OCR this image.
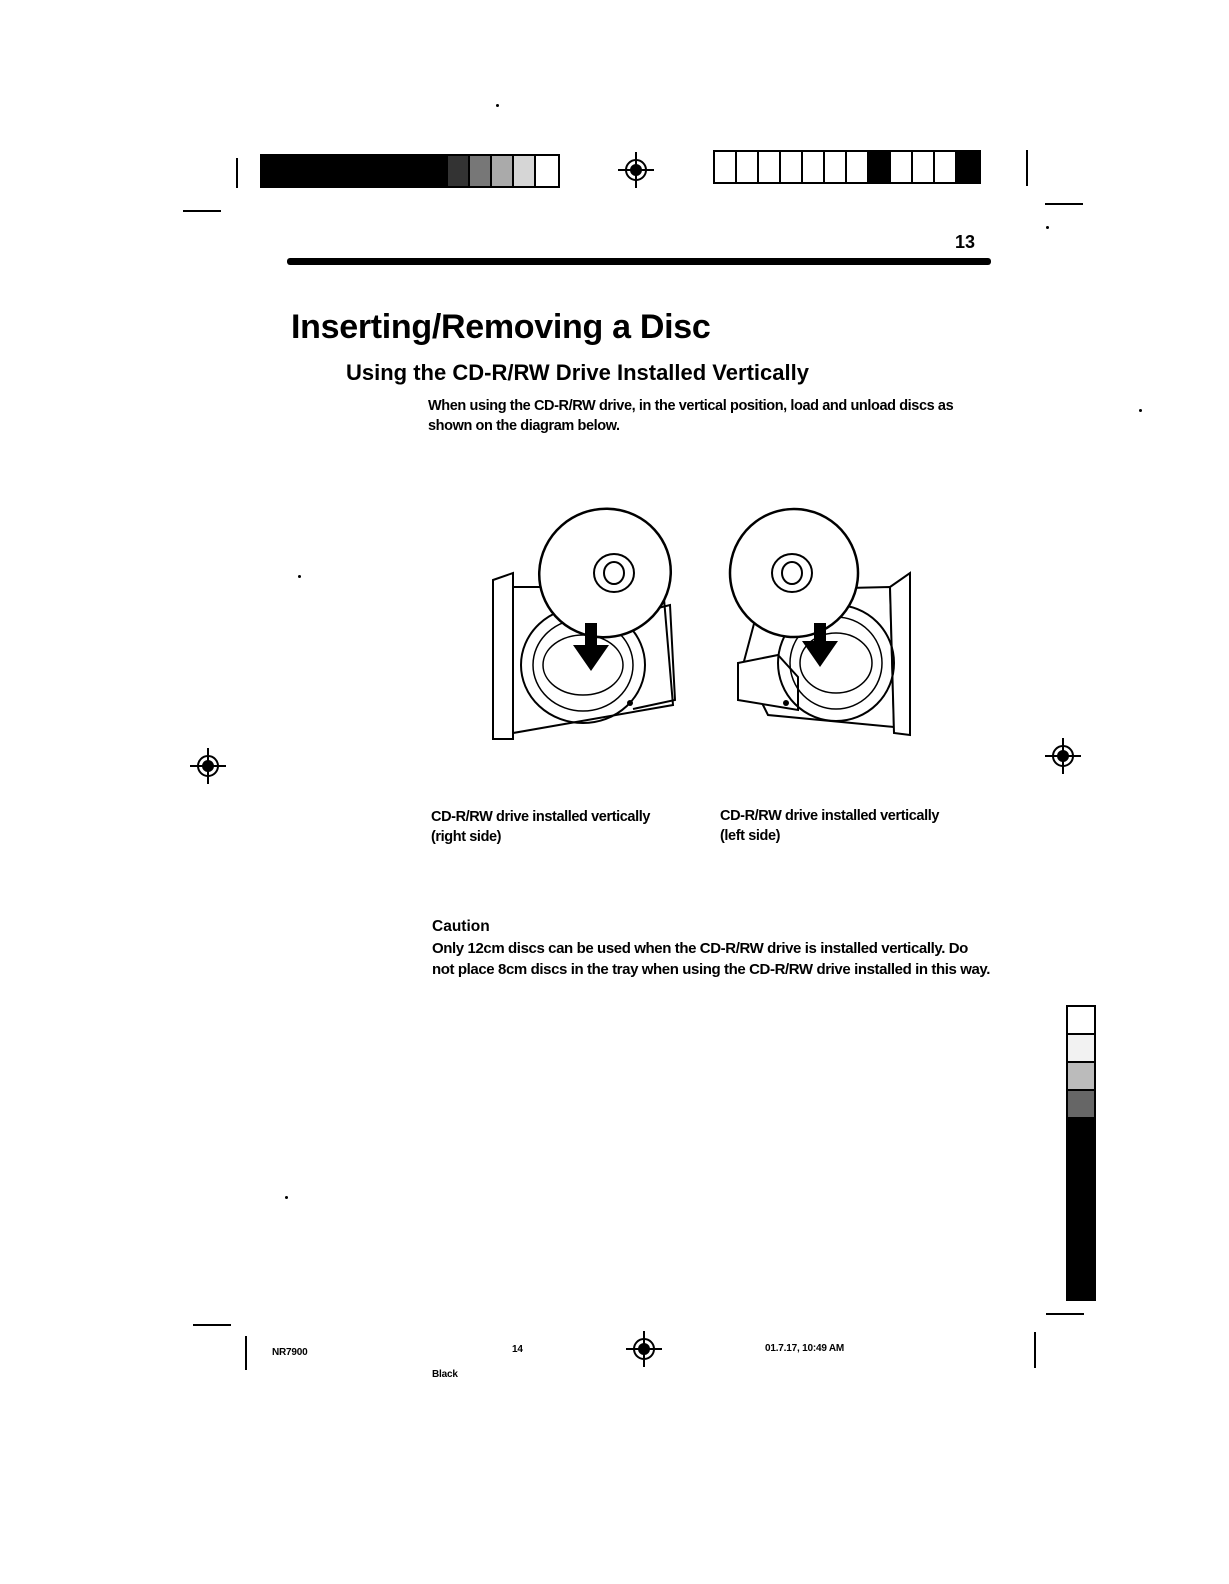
13
Inserting/Removing a Disc
Using the CD-R/RW Drive Installed Vertically
When using the CD-R/RW drive, in the vertical position, load and unload discs as shown on the diagram below.
CD-R/RW drive installed vertically
(right side)
CD-R/RW drive installed vertically
(left side)
Caution
Only 12cm discs can be used when the CD-R/RW drive is installed vertically. Do not place 8cm discs in the tray when using the CD-R/RW drive installed in this way.
NR7900	14
Black
01.7.17, 10:49 AM
